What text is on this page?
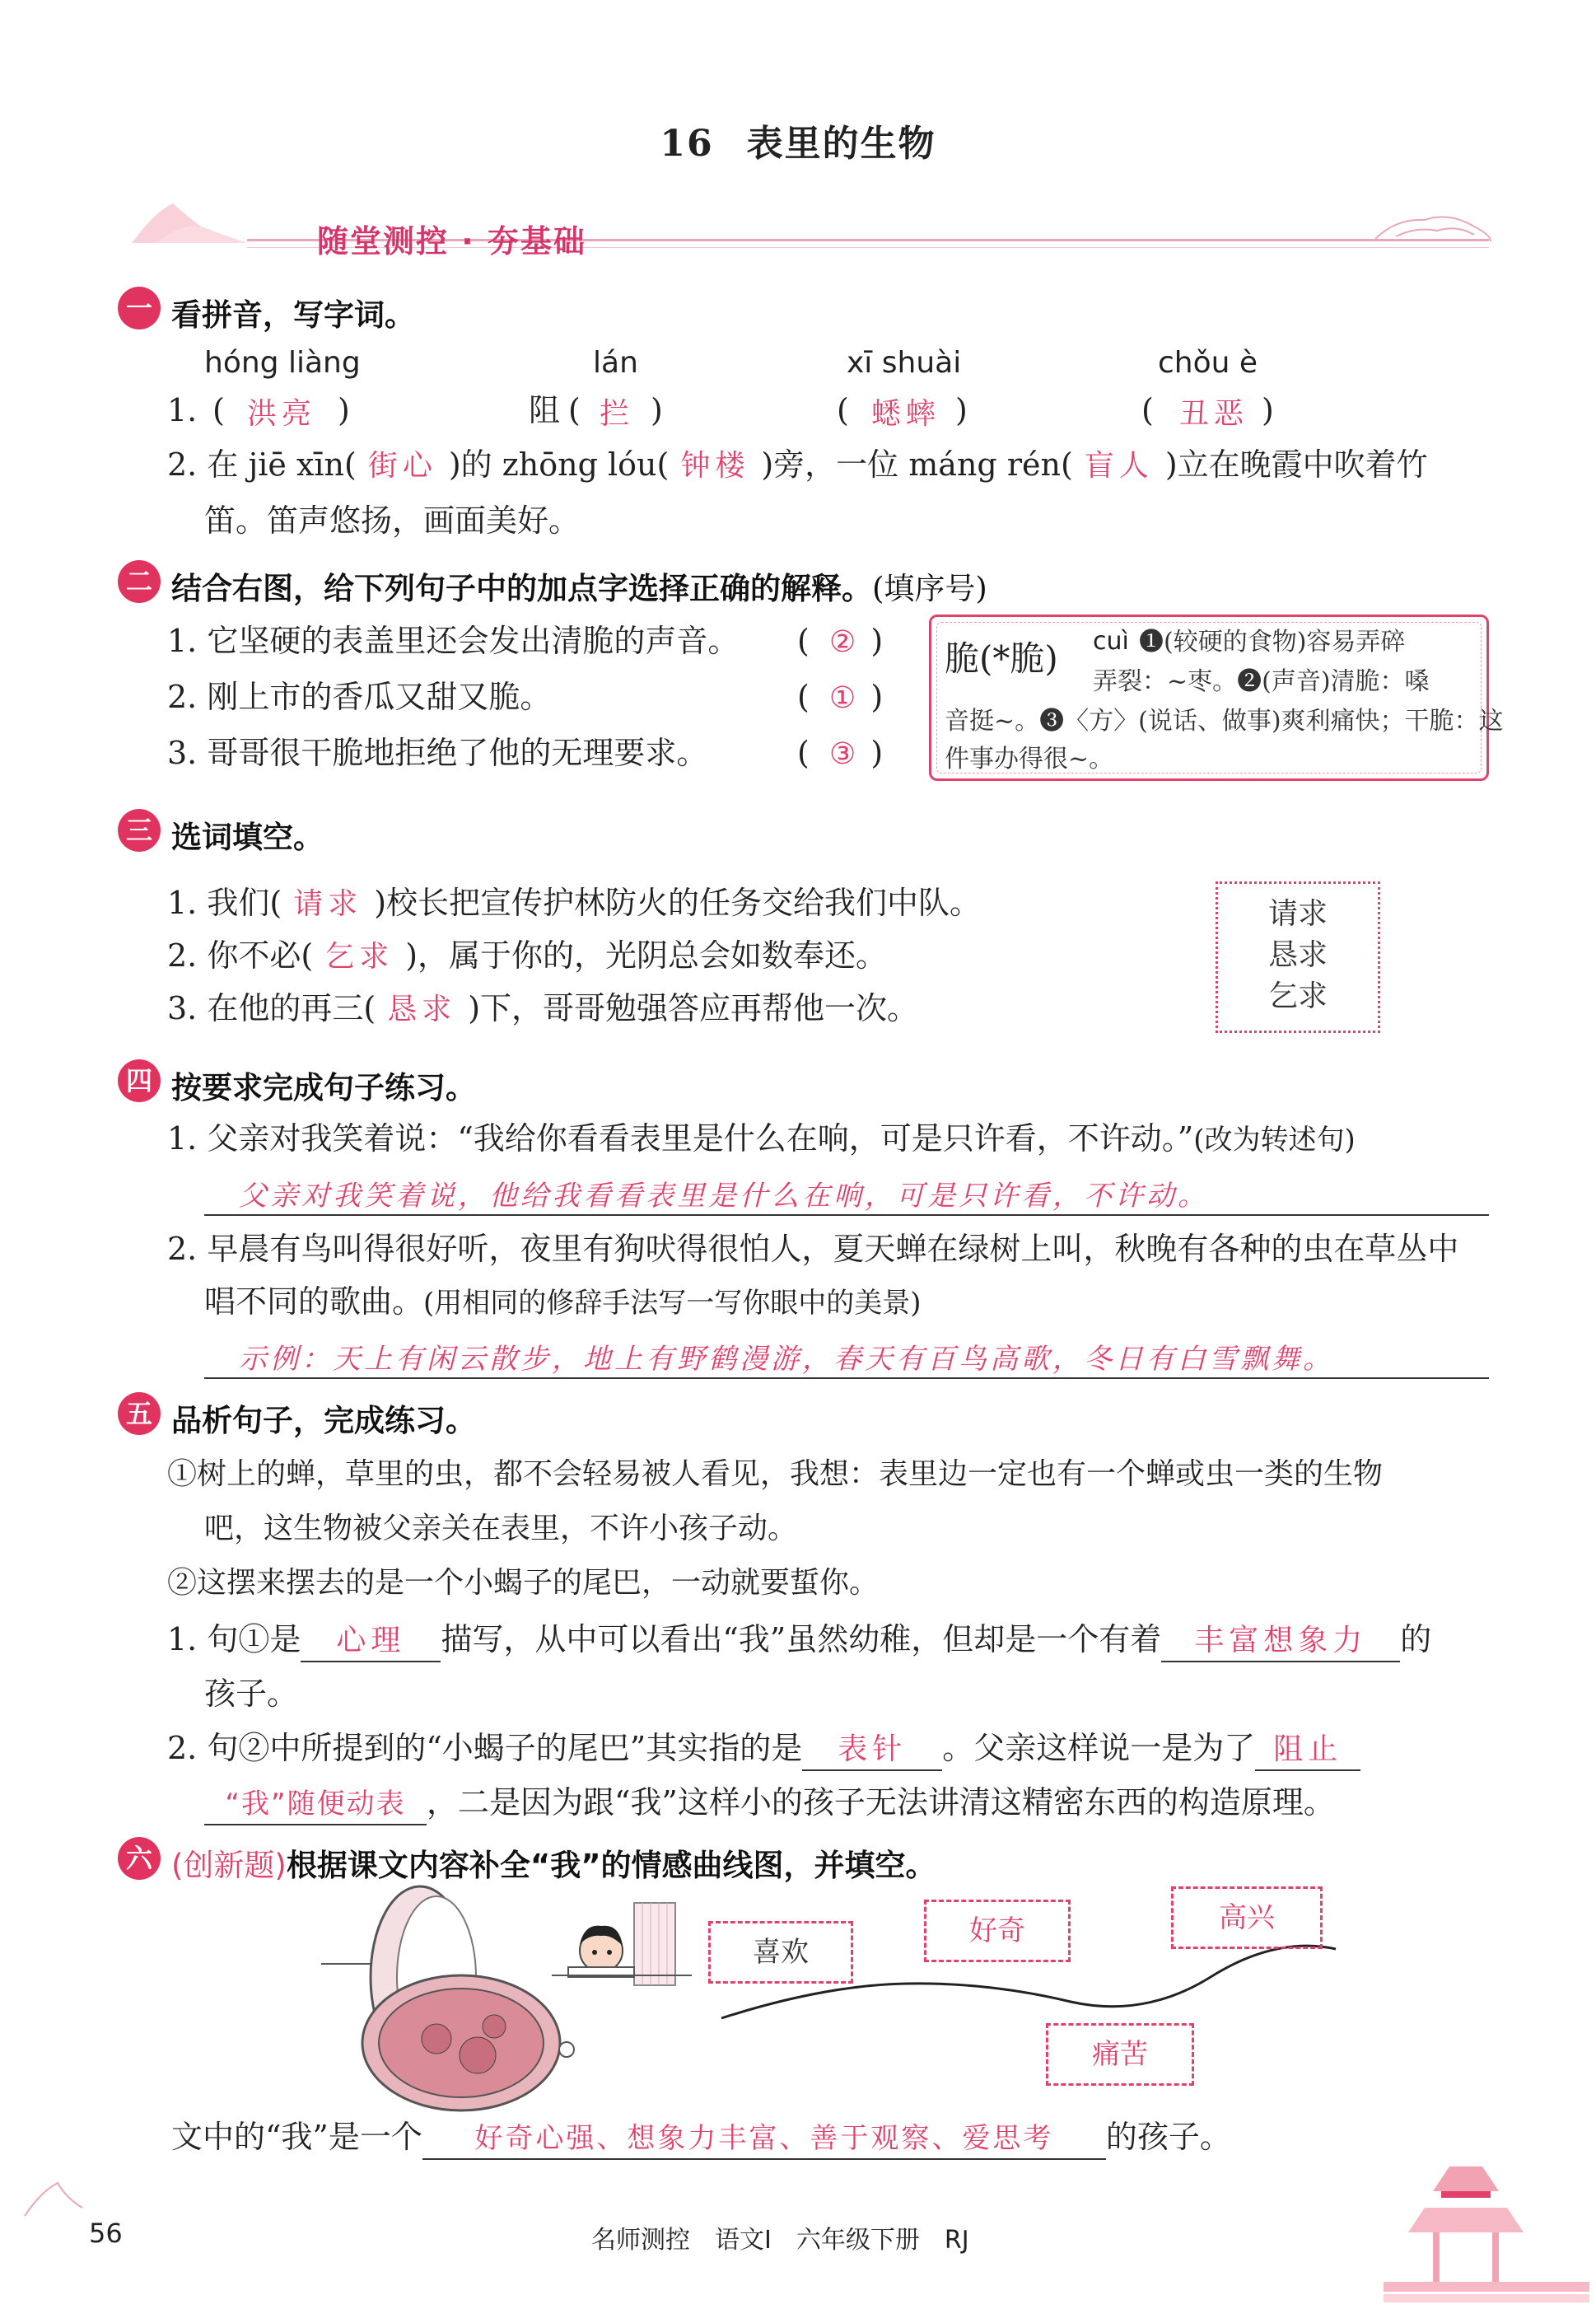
16 表里的生物
随堂测控 · 夯基础
一 看拼音，写字词。
hóng liàng	lán	xī shuài	chǒu è
1. ( 洪亮 )	阻 ( 拦 )	( 蟋蟀 )	( 丑恶 )
2. 在 jiē xīn( 街心 )的 zhōng lóu( 钟楼 )旁，一位 máng rén( 盲人 )立在晚霞中吹着竹
笛。笛声悠扬，画面美好。
二 结合右图，给下列句子中的加点字选择正确的解释。(填序号)
1. 它坚硬的表盖里还会发出清脆的声音。 (  ② )
2. 刚上市的香瓜又甜又脆。	(  ① )
3. 哥哥很干脆地拒绝了他的无理要求。	(  ③ )
脆(*脆) cuì ❶(较硬的食物)容易弄碎
弄裂：~枣。❷(声音)清脆：嗓
音挺~。❸〈方〉(说话、做事)爽利痛快；干脆：这
件事办得很~。
三 选词填空。
1. 我们( 请求 )校长把宣传护林防火的任务交给我们中队。
2. 你不必( 乞求 )，属于你的，光阴总会如数奉还。
3. 在他的再三( 恳求 )下，哥哥勉强答应再帮他一次。
请求
恳求
乞求
四 按要求完成句子练习。
1. 父亲对我笑着说：“我给你看看表里是什么在响，可是只许看，不许动。”(改为转述句)
父亲对我笑着说，他给我看看表里是什么在响，可是只许看，不许动。
2. 早晨有鸟叫得很好听，夜里有狗吠得很怕人，夏天蝉在绿树上叫，秋晚有各种的虫在草丛中
唱不同的歌曲。(用相同的修辞手法写一写你眼中的美景)
示例：天上有闲云散步，地上有野鹤漫游，春天有百鸟高歌，冬日有白雪飘舞。
五 品析句子，完成练习。
①树上的蝉，草里的虫，都不会轻易被人看见，我想：表里边一定也有一个蝉或虫一类的生物
吧，这生物被父亲关在表里，不许小孩子动。
②这摆来摆去的是一个小蝎子的尾巴，一动就要蜇你。
1. 句①是 心理 描写，从中可以看出“我”虽然幼稚，但却是一个有着 丰富想象力 的
孩子。
2. 句②中所提到的“小蝎子的尾巴”其实指的是 表针 。父亲这样说一是为了 阻止
“我”随便动表 ，二是因为跟“我”这样小的孩子无法讲清这精密东西的构造原理。
六 (创新题)根据课文内容补全“我”的情感曲线图，并填空。
喜欢
好奇	高兴
痛苦
文中的“我”是一个 好奇心强、想象力丰富、善于观察、爱思考 的孩子。
56	名师测控　语文Ⅰ　六年级下册　RJ
